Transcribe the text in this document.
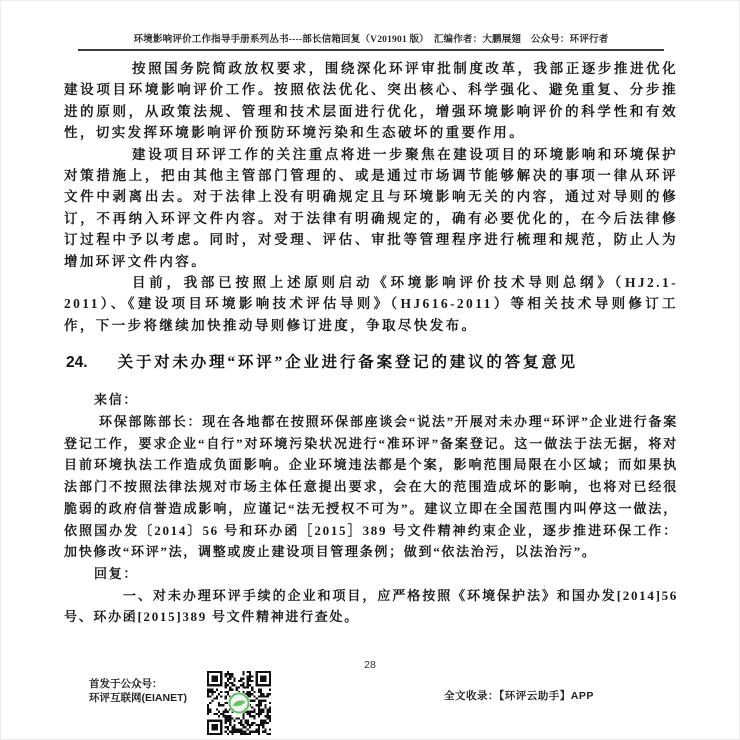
环境影响评价工作指导手册系列丛书----部长信箱回复（V201901 版）　汇编作者：大鹏展翅　公众号：环评行者

按照国务院简政放权要求，围绕深化环评审批制度改革，我部正逐步推进优化建设项目环境影响评价工作。按照依法优化、突出核心、科学强化、避免重复、分步推进的原则，从政策法规、管理和技术层面进行优化，增强环境影响评价的科学性和有效性，切实发挥环境影响评价预防环境污染和生态破坏的重要作用。

建设项目环评工作的关注重点将进一步聚焦在建设项目的环境影响和环境保护对策措施上，把由其他主管部门管理的、或是通过市场调节能够解决的事项一律从环评文件中剥离出去。对于法律上没有明确规定且与环境影响无关的内容，通过对导则的修订，不再纳入环评文件内容。对于法律有明确规定的，确有必要优化的，在今后法律修订过程中予以考虑。同时，对受理、评估、审批等管理程序进行梳理和规范，防止人为增加环评文件内容。

目前，我部已按照上述原则启动《环境影响评价技术导则总纲》（HJ2.1-2011）、《建设项目环境影响技术评估导则》（HJ616-2011）等相关技术导则修订工作，下一步将继续加快推动导则修订进度，争取尽快发布。

24. 关于对未办理“环评”企业进行备案登记的建议的答复意见

来信：

环保部陈部长：现在各地都在按照环保部座谈会“说法”开展对未办理“环评”企业进行备案登记工作，要求企业“自行”对环境污染状况进行“准环评”备案登记。这一做法于法无据，将对目前环境执法工作造成负面影响。企业环境违法都是个案，影响范围局限在小区域；而如果执法部门不按照法律法规对市场主体任意提出要求，会在大的范围造成坏的影响，也将对已经很脆弱的政府信誉造成影响，应谨记“法无授权不可为”。建议立即在全国范围内叫停这一做法，依照国办发〔2014〕56 号和环办函［2015］389 号文件精神约束企业，逐步推进环保工作：加快修改“环评”法，调整或废止建设项目管理条例；做到“依法治污，以法治污”。

回复：

一、对未办理环评手续的企业和项目，应严格按照《环境保护法》和国办发[2014]56 号、环办函[2015]389 号文件精神进行查处。

28
首发于公众号：
环评互联网(EIANET)	全文收录：【环评云助手】APP
